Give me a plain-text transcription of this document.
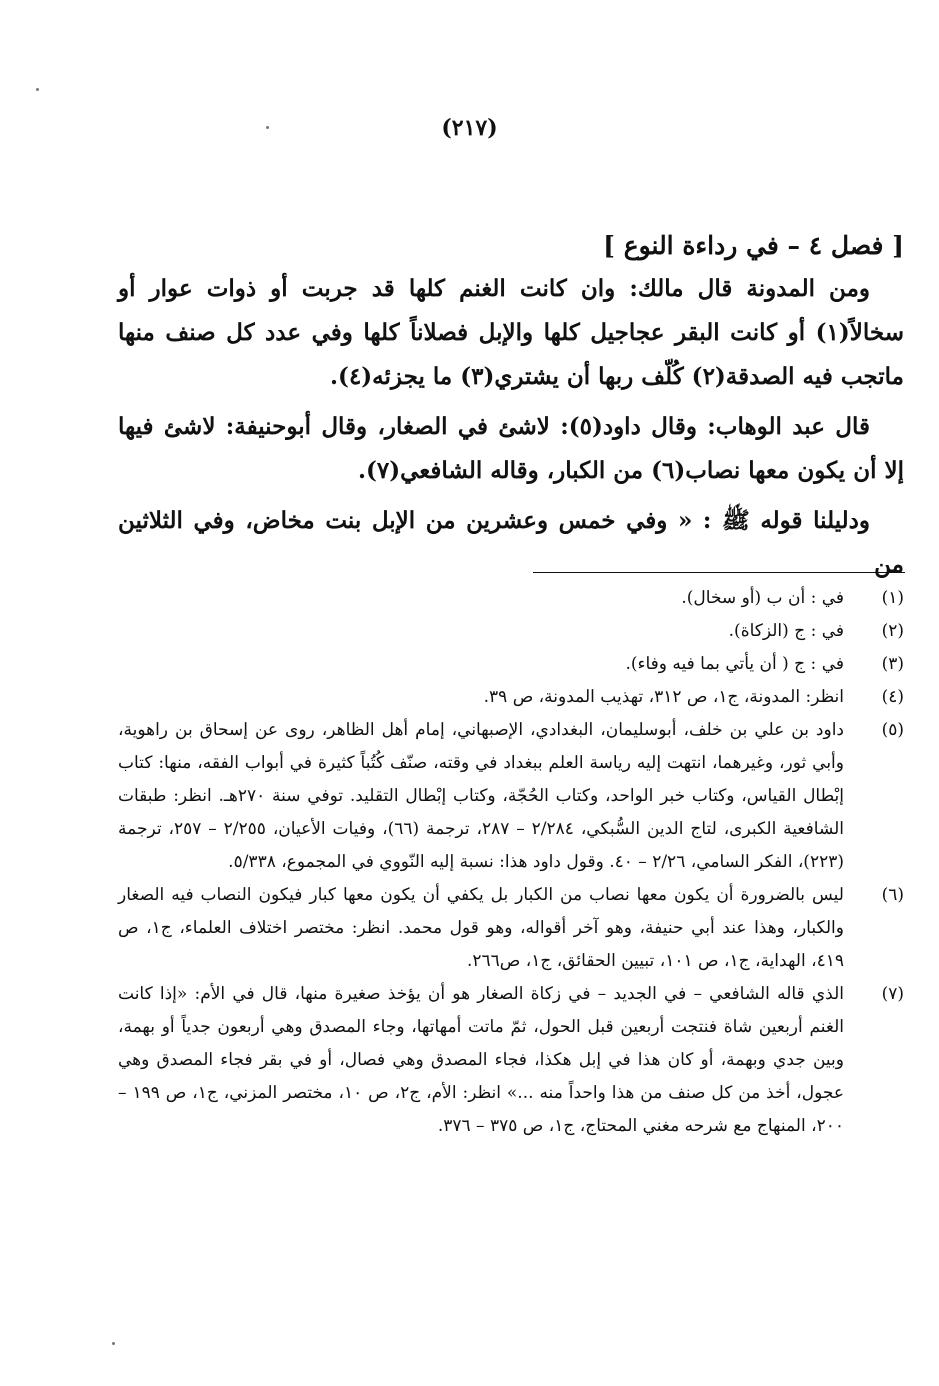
(٢١٧)
[ فصل ٤ – في رداءة النوع ]

ومن المدونة قال مالك: وان كانت الغنم كلها قد جربت أو ذوات عوار أو سخالاً(١) أو كانت البقر عجاجيل كلها والإبل فصلاناً كلها وفي عدد كل صنف منها ماتجب فيه الصدقة(٢) كُلّف ربها أن يشتري(٣) ما يجزئه(٤).

قال عبد الوهاب: وقال داود(٥): لاشئ في الصغار، وقال أبوحنيفة: لاشئ فيها إلا أن يكون معها نصاب(٦) من الكبار، وقاله الشافعي(٧).

ودليلنا قوله ﷺ : « وفي خمس وعشرين من الإبل بنت مخاض، وفي الثلاثين من

(١)
في : أن ب (أو سخال).
(٢)
في : ج (الزكاة).
(٣)
في : ج ( أن يأتي بما فيه وفاء).
(٤)
انظر: المدونة، ج١، ص ٣١٢، تهذيب المدونة، ص ٣٩.
(٥)
داود بن علي بن خلف، أبوسليمان، البغدادي، الإصبهاني، إمام أهل الظاهر، روى عن إسحاق بن راهوية، وأبي ثور، وغيرهما، انتهت إليه رياسة العلم ببغداد في وقته، صنّف كُتُباً كثيرة في أبواب الفقه، منها: كتاب إبْطال القياس، وكتاب خبر الواحد، وكتاب الحُجّة، وكتاب إبْطال التقليد. توفي سنة ٢٧٠هـ. انظر: طبقات الشافعية الكبرى، لتاج الدين السُّبكي، ٢/٢٨٤ – ٢٨٧، ترجمة (٦٦)، وفيات الأعيان، ٢/٢٥٥ – ٢٥٧، ترجمة (٢٢٣)، الفكر السامي، ٢/٢٦ – ٤٠. وقول داود هذا: نسبة إليه النّووي في المجموع، ٥/٣٣٨.
(٦)
ليس بالضرورة أن يكون معها نصاب من الكبار بل يكفي أن يكون معها كبار فيكون النصاب فيه الصغار والكبار، وهذا عند أبي حنيفة، وهو آخر أقواله، وهو قول محمد. انظر: مختصر اختلاف العلماء، ج١، ص ٤١٩، الهداية، ج١، ص ١٠١، تبيين الحقائق، ج١، ص٢٦٦.
(٧)
الذي قاله الشافعي – في الجديد – في زكاة الصغار هو أن يؤخذ صغيرة منها، قال في الأم: «إذا كانت الغنم أربعين شاة فنتجت أربعين قبل الحول، ثمّ ماتت أمهاتها، وجاء المصدق وهي أربعون جدياً أو بهمة، وبين جدي وبهمة، أو كان هذا في إبل هكذا، فجاء المصدق وهي فصال، أو في بقر فجاء المصدق وهي عجول، أخذ من كل صنف من هذا واحداً منه ...» انظر: الأم، ج٢، ص ١٠، مختصر المزني، ج١، ص ١٩٩ – ٢٠٠، المنهاج مع شرحه مغني المحتاج، ج١، ص ٣٧٥ – ٣٧٦.
